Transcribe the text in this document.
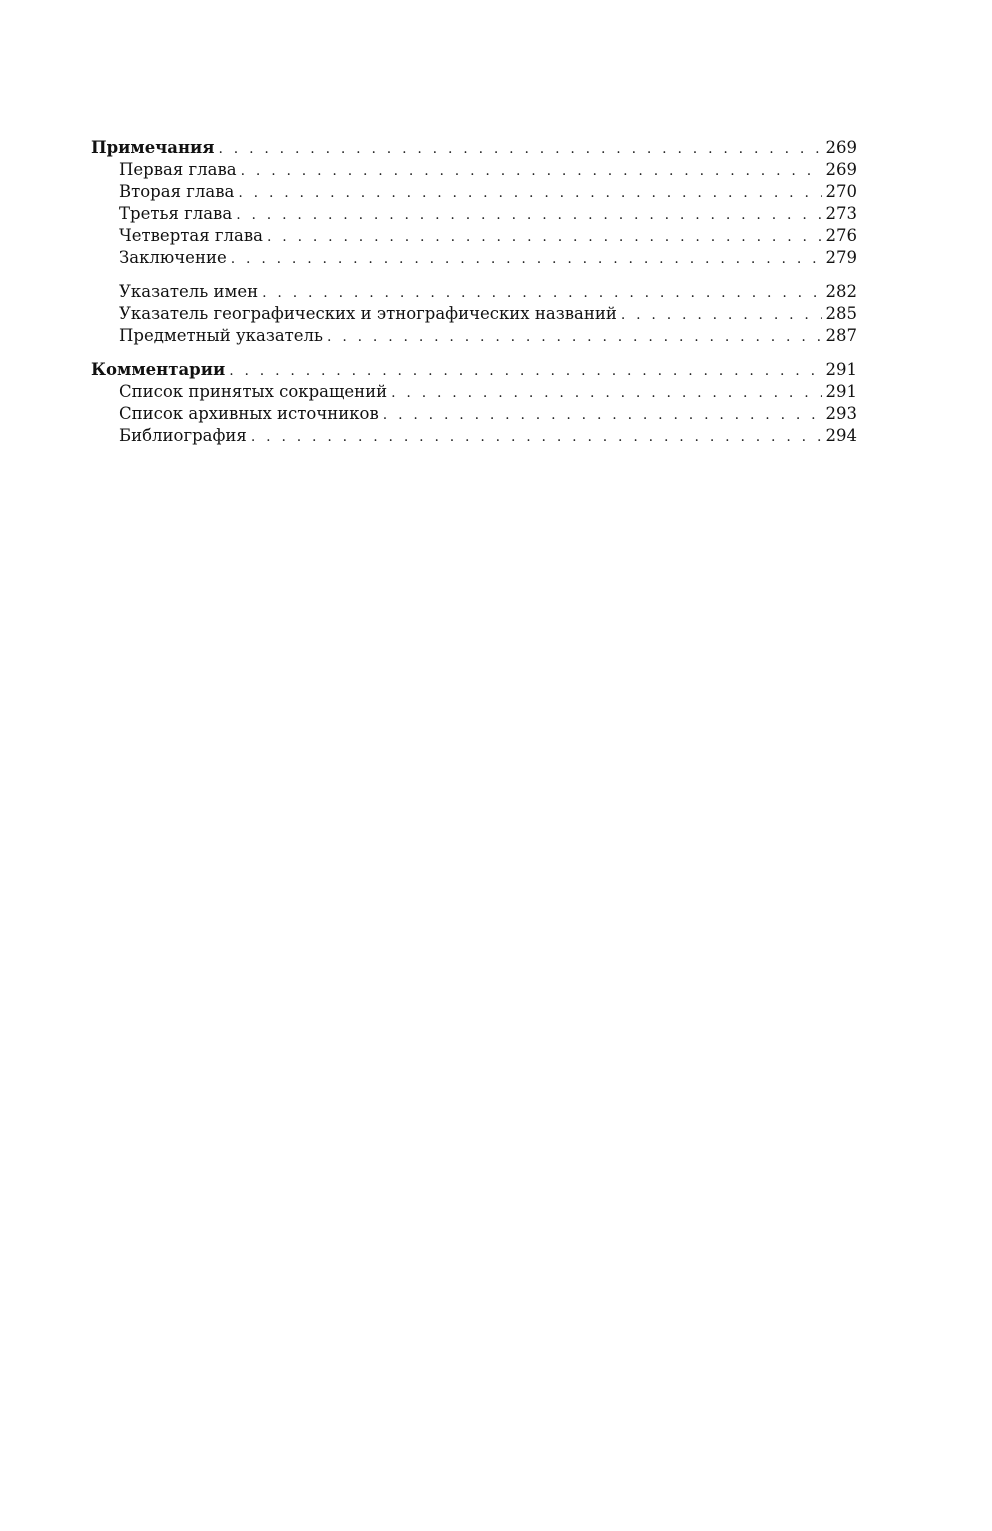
Примечания . . .	269
Первая глава . . .	269
Вторая глава . . .	270
Третья глава . . .	273
Четвертая глава . . .	276
Заключение . . .	279
Указатель имен . . .	282
Указатель географических и этнографических названий . . .	285
Предметный указатель . . .	287
Комментарии . . .	291
Список принятых сокращений . . .	291
Список архивных источников . . .	293
Библиография . . .	294
